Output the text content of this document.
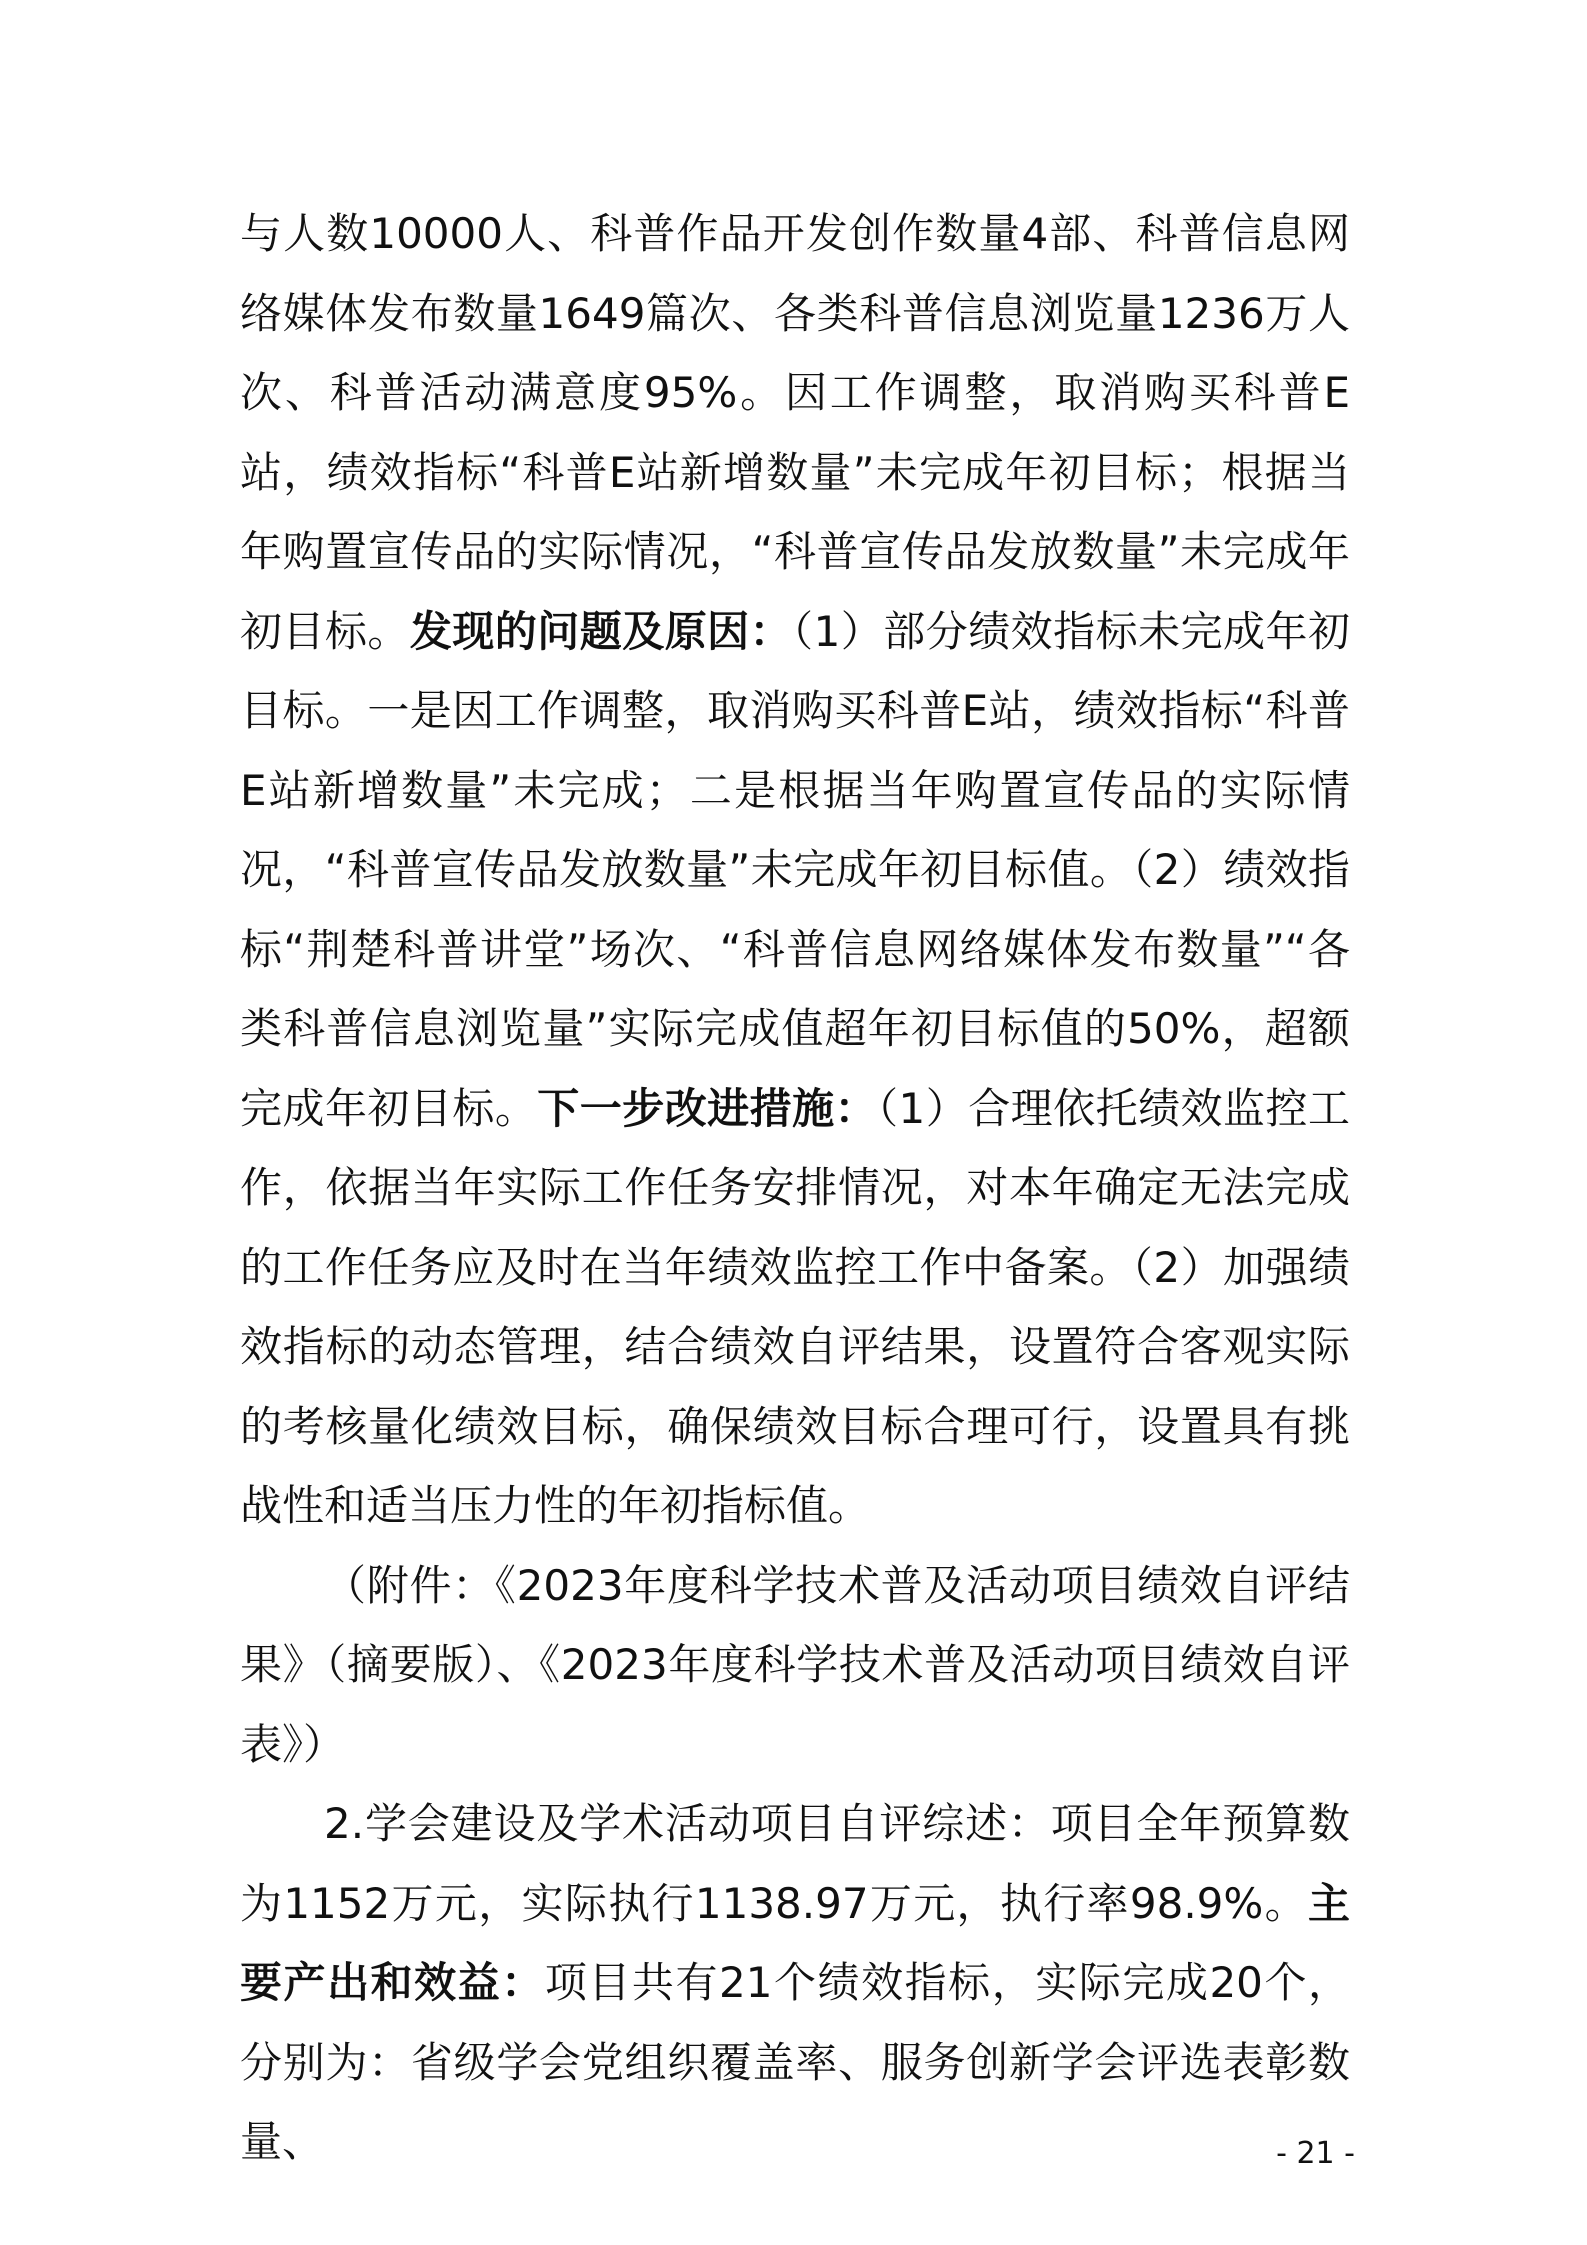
与人数10000人、科普作品开发创作数量4部、科普信息网络媒体发布数量1649篇次、各类科普信息浏览量1236万人次、科普活动满意度95%。因工作调整，取消购买科普E站，绩效指标“科普E站新增数量”未完成年初目标；根据当年购置宣传品的实际情况，“科普宣传品发放数量”未完成年初目标。发现的问题及原因：（1）部分绩效指标未完成年初目标。一是因工作调整，取消购买科普E站，绩效指标“科普E站新增数量”未完成；二是根据当年购置宣传品的实际情况，“科普宣传品发放数量”未完成年初目标值。（2）绩效指标“荆楚科普讲堂”场次、“科普信息网络媒体发布数量”“各类科普信息浏览量”实际完成值超年初目标值的50%，超额完成年初目标。下一步改进措施：（1）合理依托绩效监控工作，依据当年实际工作任务安排情况，对本年确定无法完成的工作任务应及时在当年绩效监控工作中备案。（2）加强绩效指标的动态管理，结合绩效自评结果，设置符合客观实际的考核量化绩效目标，确保绩效目标合理可行，设置具有挑战性和适当压力性的年初指标值。

（附件：《2023年度科学技术普及活动项目绩效自评结果》（摘要版）、《2023年度科学技术普及活动项目绩效自评表》）

2.学会建设及学术活动项目自评综述：项目全年预算数为1152万元，实际执行1138.97万元，执行率98.9%。主要产出和效益：项目共有21个绩效指标，实际完成20个，分别为：省级学会党组织覆盖率、服务创新学会评选表彰数量、	- 21 -
